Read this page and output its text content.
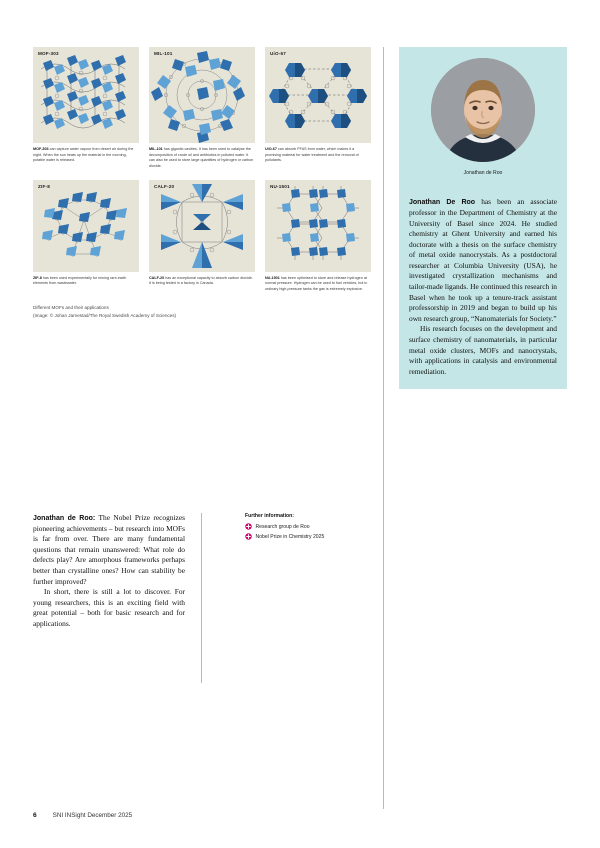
MOF-303
MOF-303 can capture water vapour from desert air during the night. When the sun heats up the material in the morning, potable water is released.
MIL-101
MIL-101 has gigantic cavities. It has been used to catalyse the decomposition of crude oil and antibiotics in polluted water. It can also be used to store large quantities of hydrogen or carbon dioxide.
UiO-67
UiO-67 can absorb PFAS from water, which makes it a promising material for water treatment and the removal of pollutants.
ZIF-8
ZIF-8 has been used experimentally for mining rare-earth elements from wastewater.
CALF-20
CALF-20 has an exceptional capacity to absorb carbon dioxide. It is being tested in a factory in Canada.
NU-1501
NU-1501 has been optimised to store and release hydrogen at normal pressure. Hydrogen can be used to fuel vehicles, but in ordinary high-pressure tanks the gas is extremely explosive.
Different MOFs and their applications
(Image: © Johan Jarnestad/The Royal Swedish Academy of Sciences)

Jonathan de Roo: The Nobel Prize recognizes pioneering achievements – but research into MOFs is far from over. There are many fundamental questions that remain unanswered: What role do defects play? Are amorphous frameworks perhaps better than crystalline ones? How can stability be further improved?

In short, there is still a lot to discover. For young researchers, this is an exciting field with great potential – both for basic research and for applications.

Further information:
Research group de Roo
Nobel Prize in Chemistry 2025
Jonathan de Roo

Jonathan De Roo has been an associate professor in the Department of Chemistry at the University of Basel since 2024. He studied chemistry at Ghent University and earned his doctorate with a thesis on the surface chemistry of metal oxide nanocrystals. As a postdoctoral researcher at Columbia University (USA), he investigated crystallization mechanisms and tailor-made ligands. He continued this research in Basel when he took up a tenure-track assistant professorship in 2019 and began to build up his own research group, “Nanomaterials for Society.”

His research focuses on the development and surface chemistry of nanomaterials, in particular metal oxide clusters, MOFs and nanocrystals, with applications in catalysis and environmental remediation.

6	SNI INSight December 2025
